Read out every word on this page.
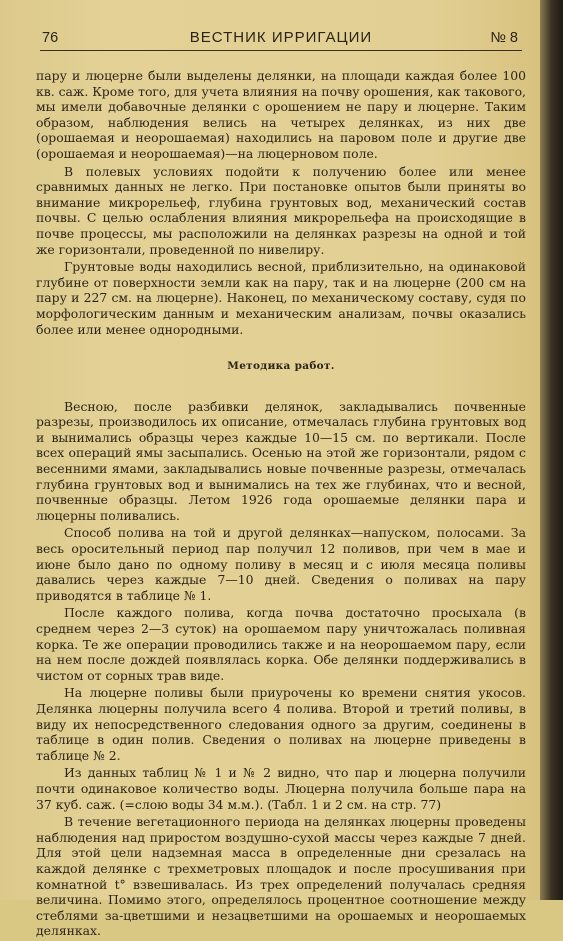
76	ВЕСТНИК ИРРИГАЦИИ	№ 8

пару и люцерне были выделены делянки, на площади каждая более 100 кв. саж. Кроме того, для учета влияния на почву орошения, как такового, мы имели добавочные делянки с орошением не пару и люцерне. Таким образом, наблюдения велись на четырех делянках, из них две (орошаемая и неорошаемая) находились на паровом поле и другие две (орошаемая и неорошаемая)—на люцерновом поле.

В полевых условиях подойти к получению более или менее сравнимых данных не легко. При постановке опытов были приняты во внимание микрорельеф, глубина грунтовых вод, механический состав почвы. С целью ослабления влияния микрорельефа на происходящие в почве процессы, мы расположили на делянках разрезы на одной и той же горизонтали, проведенной по нивелиру.

Грунтовые воды находились весной, приблизительно, на одинаковой глубине от поверхности земли как на пару, так и на люцерне (200 см на пару и 227 см. на люцерне). Наконец, по механическому составу, судя по морфологическим данным и механическим анализам, почвы оказались более или менее однородными.

Методика работ.

Весною, после разбивки делянок, закладывались почвенные разрезы, производилось их описание, отмечалась глубина грунтовых вод и вынимались образцы через каждые 10—15 см. по вертикали. После всех операций ямы засыпались. Осенью на этой же горизонтали, рядом с весенними ямами, закладывались новые почвенные разрезы, отмечалась глубина грунтовых вод и вынимались на тех же глубинах, что и весной, почвенные образцы. Летом 1926 года орошаемые делянки пара и люцерны поливались.

Способ полива на той и другой делянках—напуском, полосами. За весь оросительный период пар получил 12 поливов, при чем в мае и июне было дано по одному поливу в месяц и с июля месяца поливы давались через каждые 7—10 дней. Сведения о поливах на пару приводятся в таблице № 1.

После каждого полива, когда почва достаточно просыхала (в среднем через 2—3 суток) на орошаемом пару уничтожалась поливная корка. Те же операции проводились также и на неорошаемом пару, если на нем после дождей появлялась корка. Обе делянки поддерживались в чистом от сорных трав виде.

На люцерне поливы были приурочены ко времени снятия укосов. Делянка люцерны получила всего 4 полива. Второй и третий поливы, в виду их непосредственного следования одного за другим, соединены в таблице в один полив. Сведения о поливах на люцерне приведены в таблице № 2.

Из данных таблиц № 1 и № 2 видно, что пар и люцерна получили почти одинаковое количество воды. Люцерна получила больше пара на 37 куб. саж. (=слою воды 34 м.м.). (Табл. 1 и 2 см. на стр. 77)

В течение вегетационного периода на делянках люцерны проведены наблюдения над приростом воздушно-сухой массы через каждые 7 дней. Для этой цели надземная масса в определенные дни срезалась на каждой делянке с трехметровых площадок и после просушивания при комнатной t° взвешивалась. Из трех определений получалась средняя величина. Помимо этого, определялось процентное соотношение между стеблями за-цветшими и незацветшими на орошаемых и неорошаемых делянках.
